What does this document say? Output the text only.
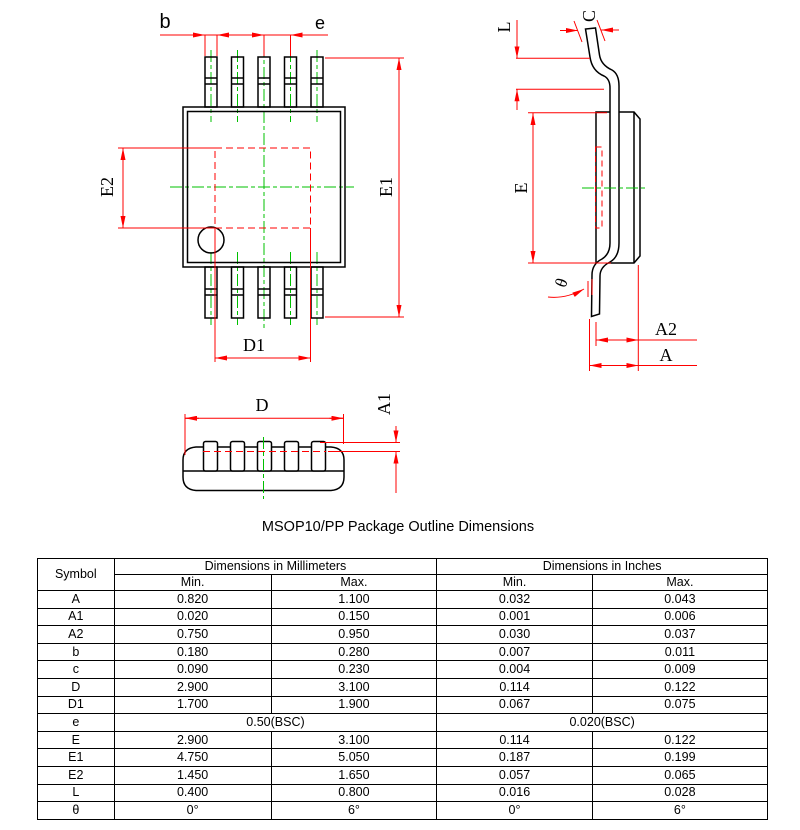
b	e
E2	E1
D1
L
C
E
θ
A2
A
D	A1
MSOP10/PP Package Outline Dimensions
Symbol	Dimensions in Millimeters		Dimensions in Inches	
	Min.	Max.	Min.	Max.
A	0.820	1.100	0.032	0.043
A1	0.020	0.150	0.001	0.006
A2	0.750	0.950	0.030	0.037
b	0.180	0.280	0.007	0.011
c	0.090	0.230	0.004	0.009
D	2.900	3.100	0.114	0.122
D1	1.700	1.900	0.067	0.075
e	0.50(BSC)		0.020(BSC)	
E	2.900	3.100	0.114	0.122
E1	4.750	5.050	0.187	0.199
E2	1.450	1.650	0.057	0.065
L	0.400	0.800	0.016	0.028
θ	0°	6°	0°	6°
